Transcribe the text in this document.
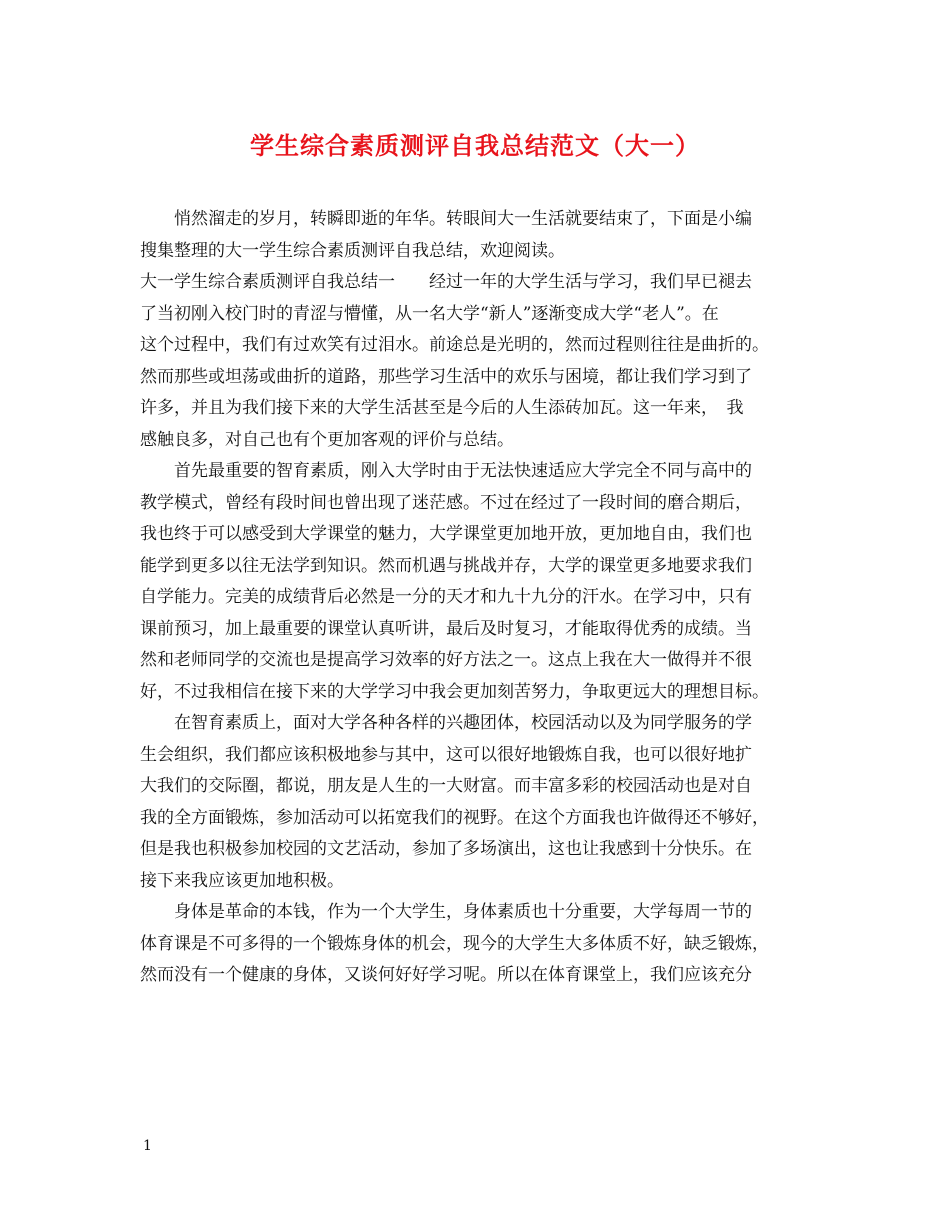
学生综合素质测评自我总结范文（大一）
　　悄然溜走的岁月，转瞬即逝的年华。转眼间大一生活就要结束了，下面是小编
搜集整理的大一学生综合素质测评自我总结，欢迎阅读。
大一学生综合素质测评自我总结一　　经过一年的大学生活与学习，我们早已褪去
了当初刚入校门时的青涩与懵懂，从一名大学“新人”逐渐变成大学“老人”。在
这个过程中，我们有过欢笑有过泪水。前途总是光明的，然而过程则往往是曲折的。
然而那些或坦荡或曲折的道路，那些学习生活中的欢乐与困境，都让我们学习到了
许多，并且为我们接下来的大学生活甚至是今后的人生添砖加瓦。这一年来，　我
感触良多，对自己也有个更加客观的评价与总结。
　　首先最重要的智育素质，刚入大学时由于无法快速适应大学完全不同与高中的
教学模式，曾经有段时间也曾出现了迷茫感。不过在经过了一段时间的磨合期后，
我也终于可以感受到大学课堂的魅力，大学课堂更加地开放，更加地自由，我们也
能学到更多以往无法学到知识。然而机遇与挑战并存，大学的课堂更多地要求我们
自学能力。完美的成绩背后必然是一分的天才和九十九分的汗水。在学习中，只有
课前预习，加上最重要的课堂认真听讲，最后及时复习，才能取得优秀的成绩。当
然和老师同学的交流也是提高学习效率的好方法之一。这点上我在大一做得并不很
好，不过我相信在接下来的大学学习中我会更加刻苦努力，争取更远大的理想目标。
　　在智育素质上，面对大学各种各样的兴趣团体，校园活动以及为同学服务的学
生会组织，我们都应该积极地参与其中，这可以很好地锻炼自我，也可以很好地扩
大我们的交际圈，都说，朋友是人生的一大财富。而丰富多彩的校园活动也是对自
我的全方面锻炼，参加活动可以拓宽我们的视野。在这个方面我也许做得还不够好，
但是我也积极参加校园的文艺活动，参加了多场演出，这也让我感到十分快乐。在
接下来我应该更加地积极。
　　身体是革命的本钱，作为一个大学生，身体素质也十分重要，大学每周一节的
体育课是不可多得的一个锻炼身体的机会，现今的大学生大多体质不好，缺乏锻炼，
然而没有一个健康的身体，又谈何好好学习呢。所以在体育课堂上，我们应该充分
1
